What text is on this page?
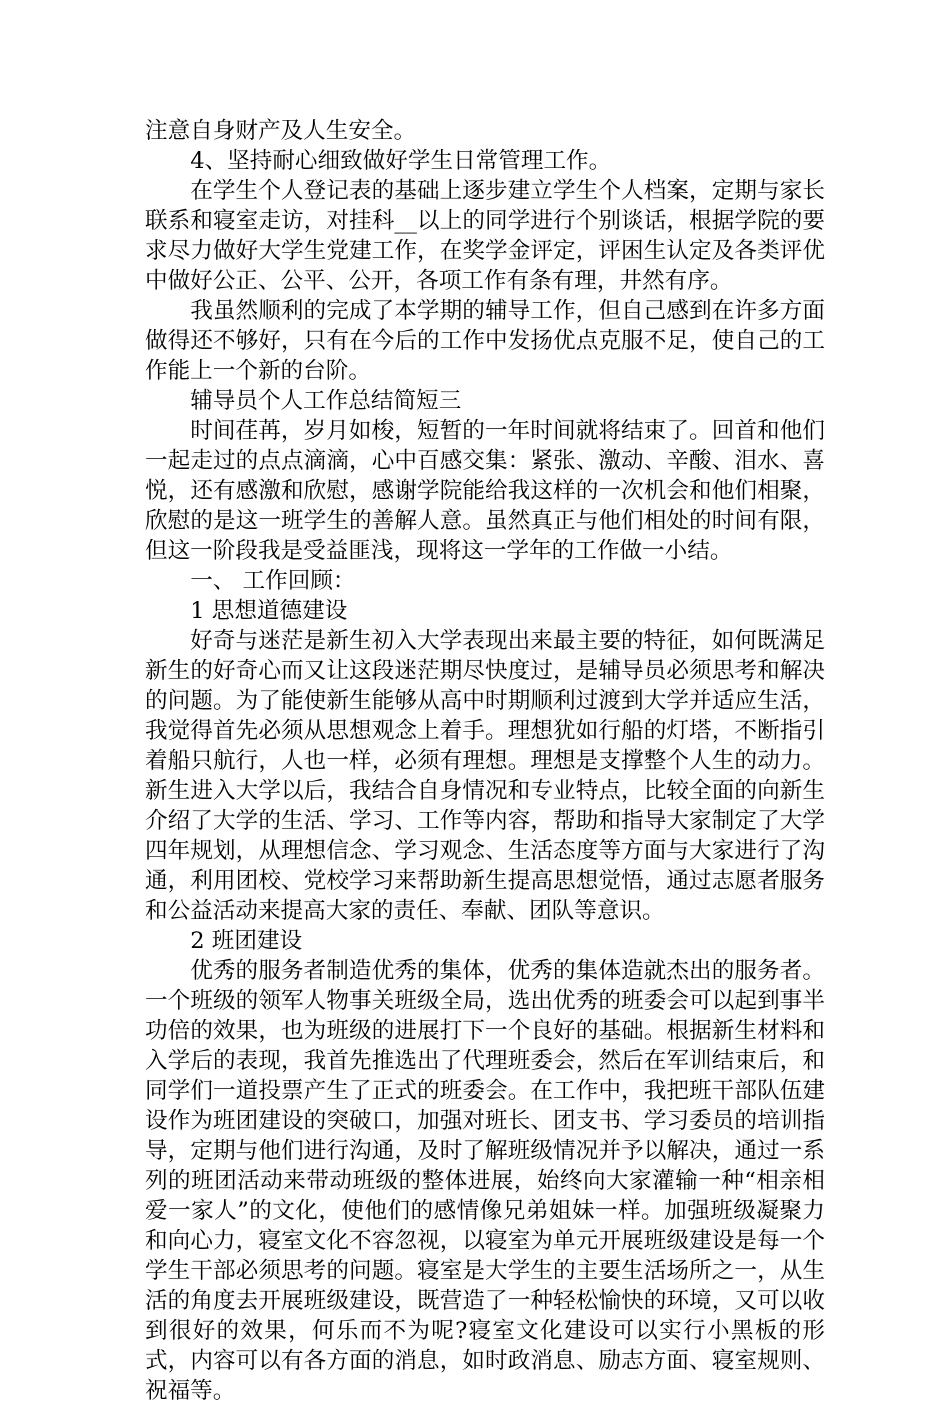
注意自身财产及人生安全。

4、坚持耐心细致做好学生日常管理工作。

在学生个人登记表的基础上逐步建立学生个人档案，定期与家长联系和寝室走访，对挂科__以上的同学进行个别谈话，根据学院的要求尽力做好大学生党建工作，在奖学金评定，评困生认定及各类评优中做好公正、公平、公开，各项工作有条有理，井然有序。

我虽然顺利的完成了本学期的辅导工作，但自己感到在许多方面做得还不够好，只有在今后的工作中发扬优点克服不足，使自己的工作能上一个新的台阶。

辅导员个人工作总结简短三

时间荏苒，岁月如梭，短暂的一年时间就将结束了。回首和他们一起走过的点点滴滴，心中百感交集：紧张、激动、辛酸、泪水、喜悦，还有感激和欣慰，感谢学院能给我这样的一次机会和他们相聚，欣慰的是这一班学生的善解人意。虽然真正与他们相处的时间有限，但这一阶段我是受益匪浅，现将这一学年的工作做一小结。

一、 工作回顾：

1 思想道德建设

好奇与迷茫是新生初入大学表现出来最主要的特征，如何既满足新生的好奇心而又让这段迷茫期尽快度过，是辅导员必须思考和解决的问题。为了能使新生能够从高中时期顺利过渡到大学并适应生活，我觉得首先必须从思想观念上着手。理想犹如行船的灯塔，不断指引着船只航行，人也一样，必须有理想。理想是支撑整个人生的动力。新生进入大学以后，我结合自身情况和专业特点，比较全面的向新生介绍了大学的生活、学习、工作等内容，帮助和指导大家制定了大学四年规划，从理想信念、学习观念、生活态度等方面与大家进行了沟通，利用团校、党校学习来帮助新生提高思想觉悟，通过志愿者服务和公益活动来提高大家的责任、奉献、团队等意识。

2 班团建设

优秀的服务者制造优秀的集体，优秀的集体造就杰出的服务者。一个班级的领军人物事关班级全局，选出优秀的班委会可以起到事半功倍的效果，也为班级的进展打下一个良好的基础。根据新生材料和入学后的表现，我首先推选出了代理班委会，然后在军训结束后，和同学们一道投票产生了正式的班委会。在工作中，我把班干部队伍建设作为班团建设的突破口，加强对班长、团支书、学习委员的培训指导，定期与他们进行沟通，及时了解班级情况并予以解决，通过一系列的班团活动来带动班级的整体进展，始终向大家灌输一种“相亲相爱一家人”的文化，使他们的感情像兄弟姐妹一样。加强班级凝聚力和向心力，寝室文化不容忽视，以寝室为单元开展班级建设是每一个学生干部必须思考的问题。寝室是大学生的主要生活场所之一，从生活的角度去开展班级建设，既营造了一种轻松愉快的环境，又可以收到很好的效果，何乐而不为呢?寝室文化建设可以实行小黑板的形式，内容可以有各方面的消息，如时政消息、励志方面、寝室规则、祝福等。
